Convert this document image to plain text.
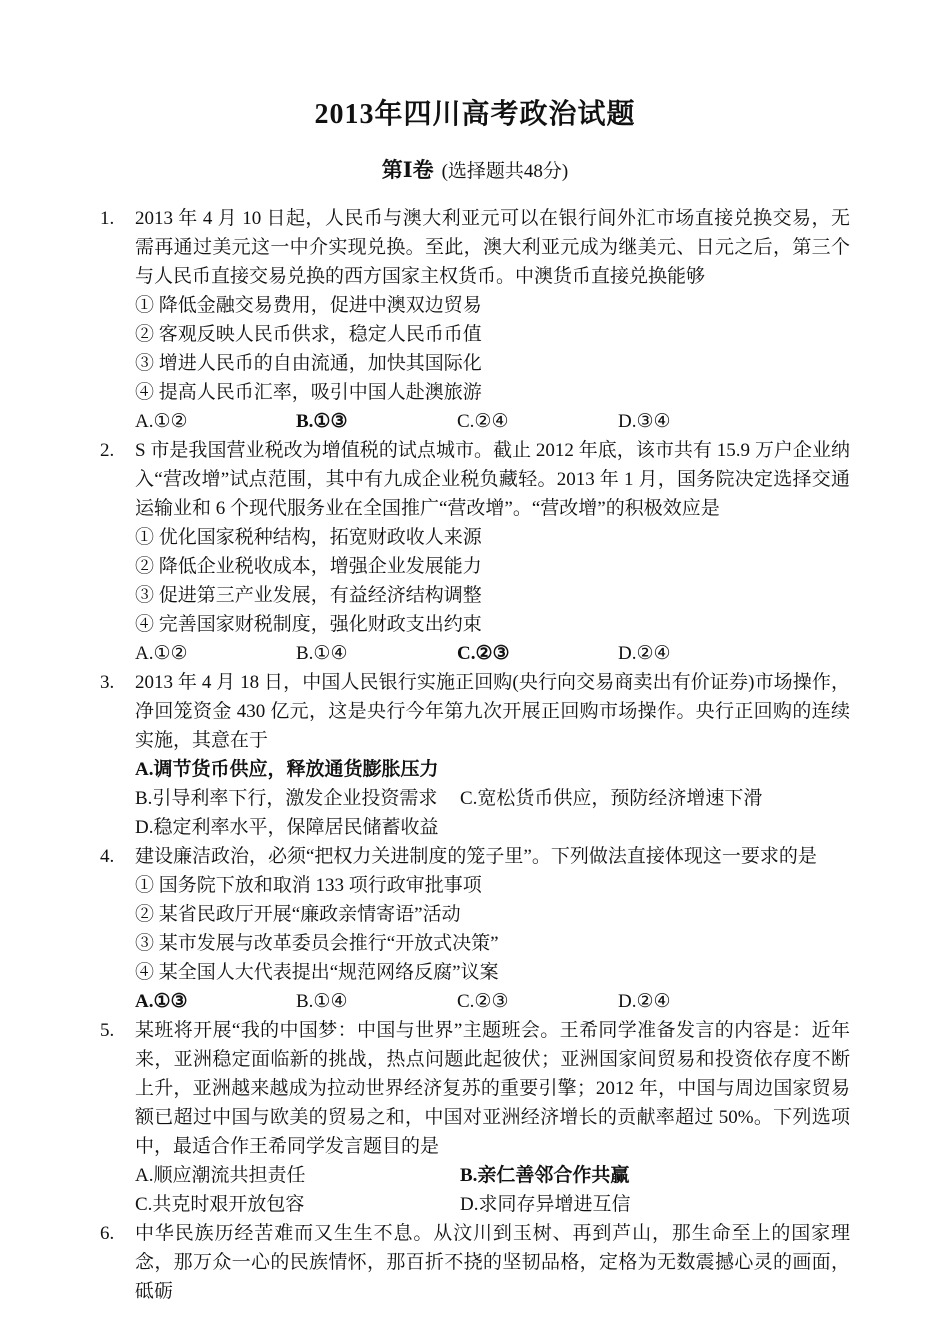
2013年四川高考政治试题
第Ⅰ卷 (选择题共48分)
1.	2013 年 4 月 10 日起，人民币与澳大利亚元可以在银行间外汇市场直接兑换交易，无需再通过美元这一中介实现兑换。至此，澳大利亚元成为继美元、日元之后，第三个与人民币直接交易兑换的西方国家主权货币。中澳货币直接兑换能够
① 降低金融交易费用，促进中澳双边贸易
② 客观反映人民币供求，稳定人民币币值
③ 增进人民币的自由流通，加快其国际化
④ 提高人民币汇率，吸引中国人赴澳旅游
A.①②	B.①③	C.②④	D.③④
2.	S 市是我国营业税改为增值税的试点城市。截止 2012 年底，该市共有 15.9 万户企业纳入“营改增”试点范围，其中有九成企业税负藏轻。2013 年 1 月，国务院决定选择交通运输业和 6 个现代服务业在全国推广“营改增”。“营改增”的积极效应是
① 优化国家税种结构，拓宽财政收人来源
② 降低企业税收成本，增强企业发展能力
③ 促进第三产业发展，有益经济结构调整
④ 完善国家财税制度，强化财政支出约束
A.①②	B.①④	C.②③	D.②④
3.	2013 年 4 月 18 日，中国人民银行实施正回购(央行向交易商卖出有价证券)市场操作，净回笼资金 430 亿元，这是央行今年第九次开展正回购市场操作。央行正回购的连续实施，其意在于
A.调节货币供应，释放通货膨胀压力
B.引导利率下行，激发企业投资需求 C.宽松货币供应，预防经济增速下滑
D.稳定利率水平，保障居民储蓄收益
4.	建设廉洁政治，必须“把权力关进制度的笼子里”。下列做法直接体现这一要求的是
① 国务院下放和取消 133 项行政审批事项
② 某省民政厅开展“廉政亲情寄语”活动
③ 某市发展与改革委员会推行“开放式决策”
④ 某全国人大代表提出“规范网络反腐”议案
A.①③	B.①④	C.②③	D.②④
5.	某班将开展“我的中国梦：中国与世界”主题班会。王希同学准备发言的内容是：近年来，亚洲稳定面临新的挑战，热点问题此起彼伏；亚洲国家间贸易和投资依存度不断上升，亚洲越来越成为拉动世界经济复苏的重要引擎；2012 年，中国与周边国家贸易额已超过中国与欧美的贸易之和，中国对亚洲经济增长的贡献率超过 50%。下列选项中，最适合作王希同学发言题目的是
A.顺应潮流共担责任	B.亲仁善邻合作共赢
C.共克时艰开放包容	D.求同存异增进互信
6.	中华民族历经苦难而又生生不息。从汶川到玉树、再到芦山，那生命至上的国家理念，那万众一心的民族情怀，那百折不挠的坚韧品格，定格为无数震撼心灵的画面，砥砺
